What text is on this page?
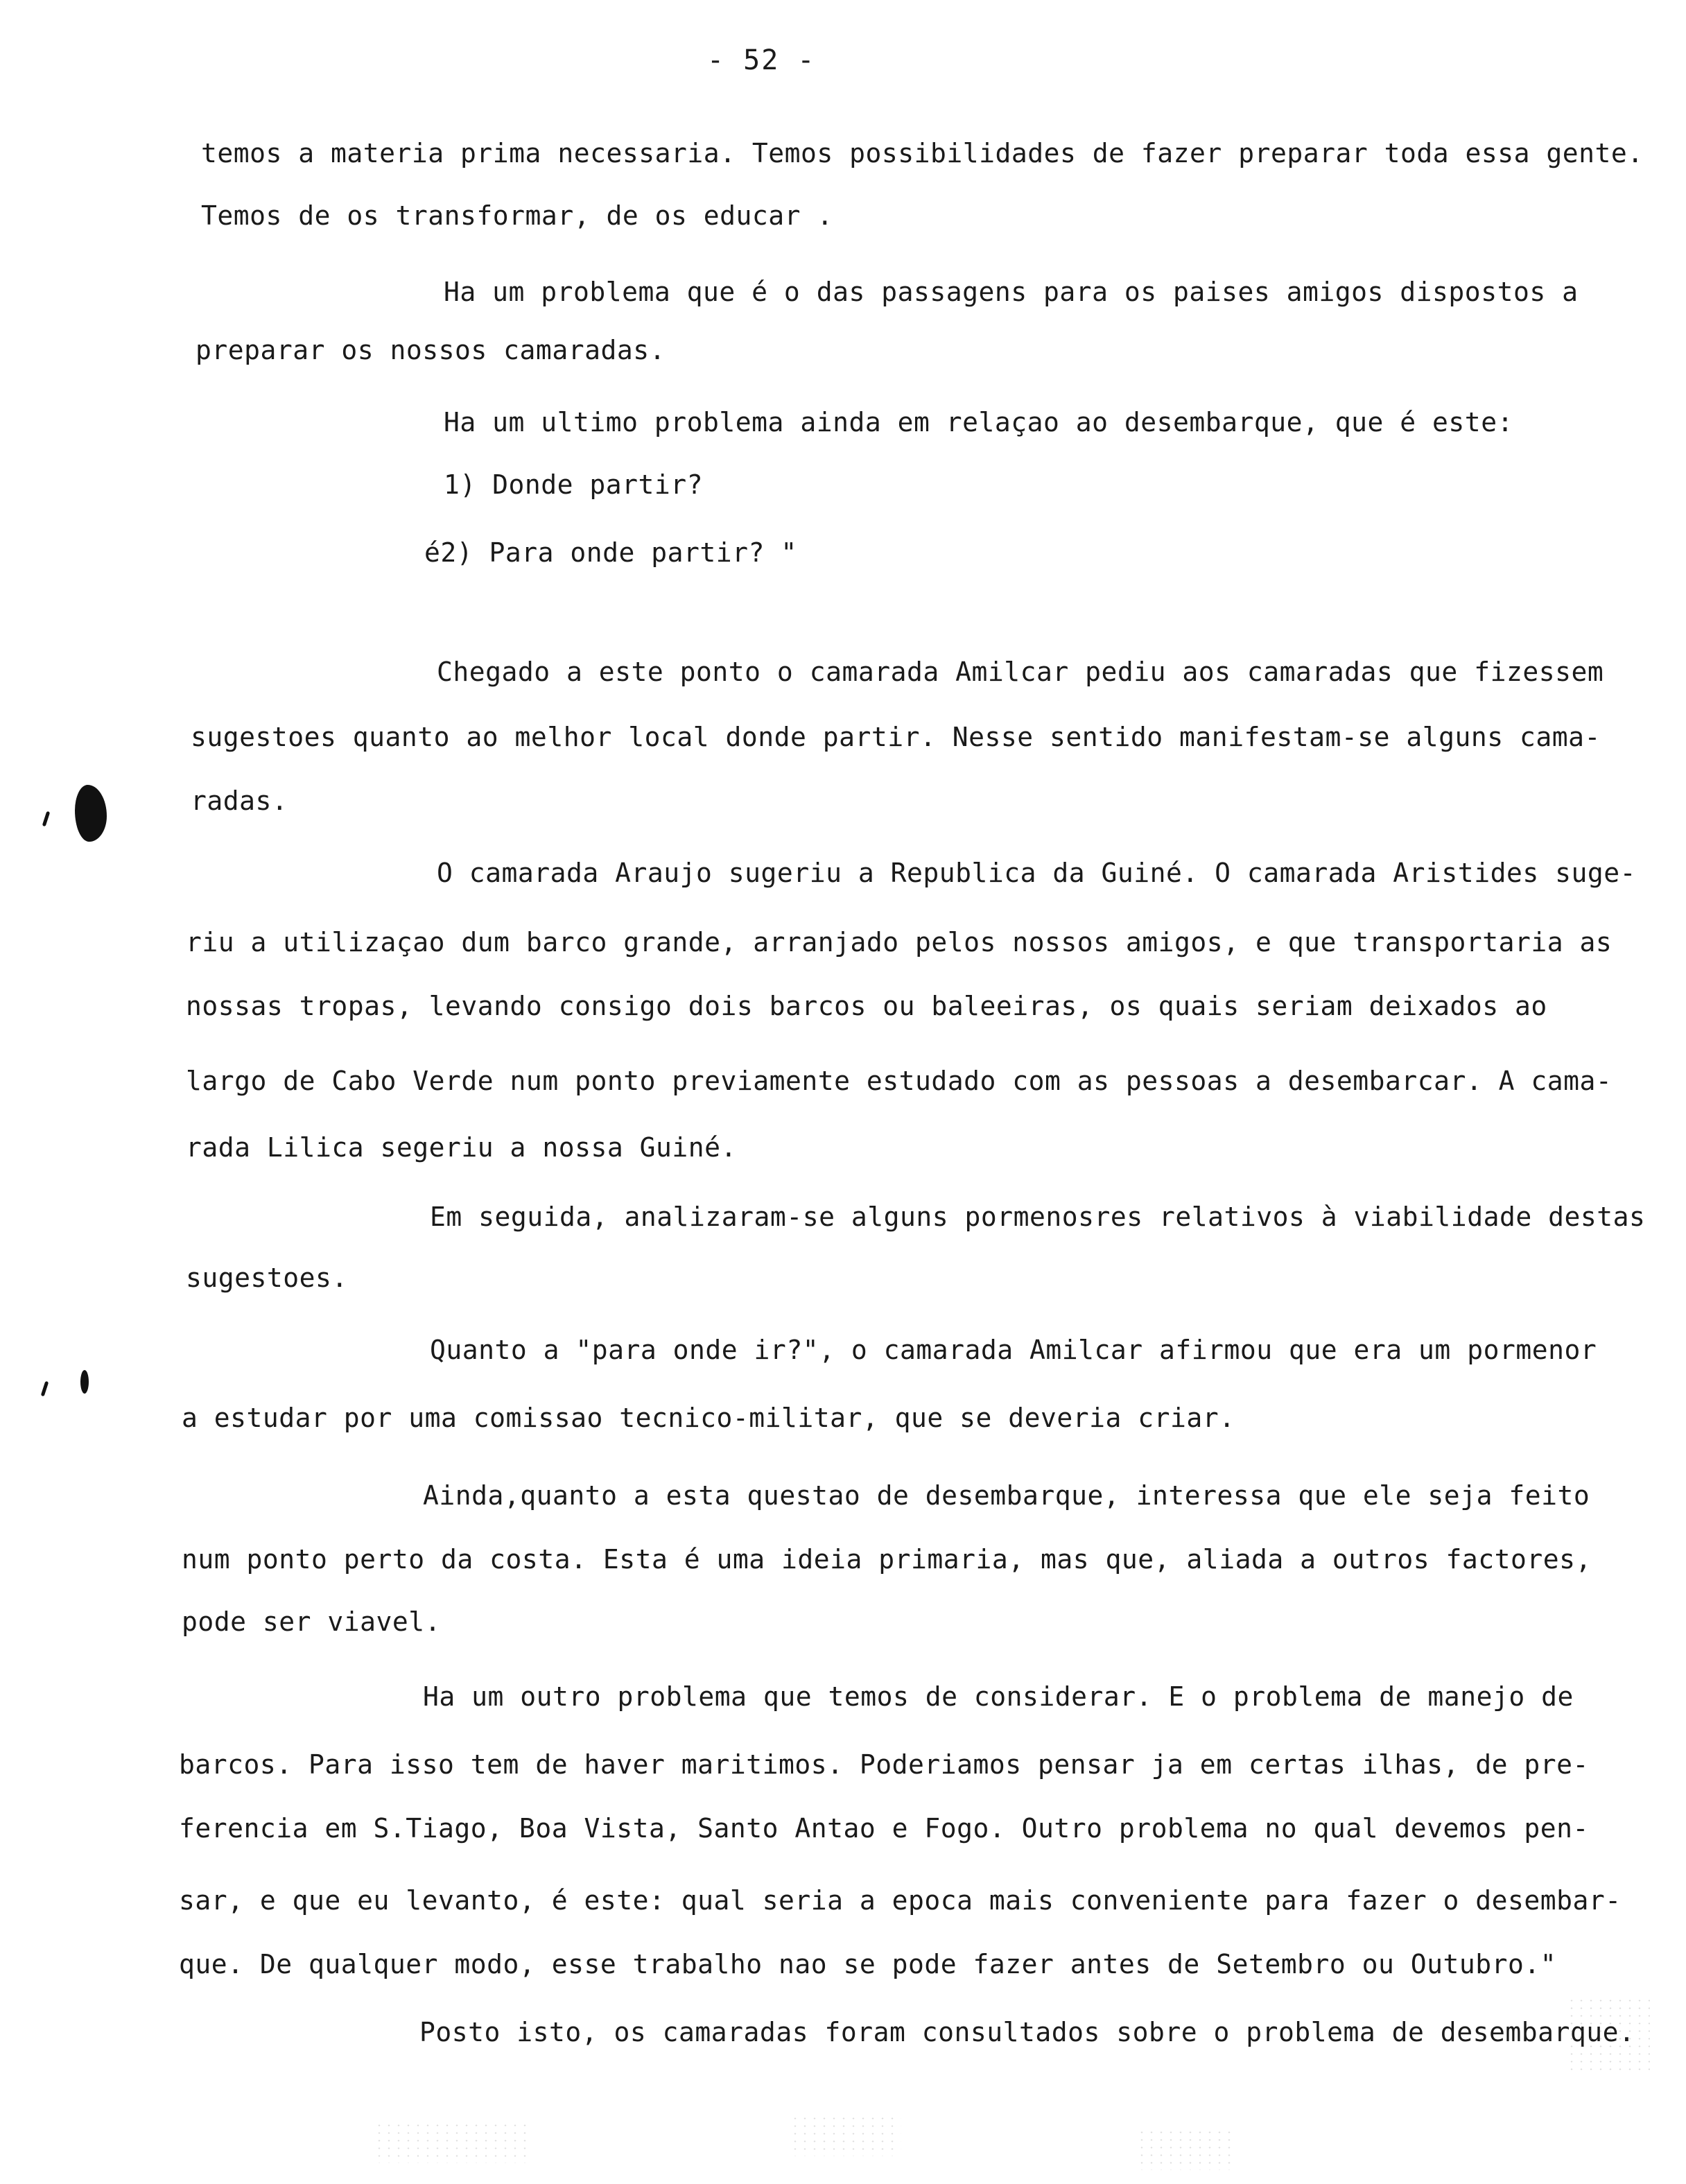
- 52 -
temos a materia prima necessaria. Temos possibilidades de fazer preparar toda essa gente.
Temos de os transformar, de os educar .
Ha um problema que é o das passagens para os paises amigos dispostos a
preparar os nossos camaradas.
Ha um ultimo problema ainda em relaçao ao desembarque, que é este:
1) Donde partir?
é2) Para onde partir? "
Chegado a este ponto o camarada Amilcar pediu aos camaradas que fizessem
sugestoes quanto ao melhor local donde partir. Nesse sentido manifestam-se alguns cama-
radas.
O camarada Araujo sugeriu a Republica da Guiné. O camarada Aristides suge-
riu a utilizaçao dum barco grande, arranjado pelos nossos amigos, e que transportaria as
nossas tropas, levando consigo dois barcos ou baleeiras, os quais seriam deixados ao
largo de Cabo Verde num ponto previamente estudado com as pessoas a desembarcar. A cama-
rada Lilica segeriu a nossa Guiné.
Em seguida, analizaram-se alguns pormenosres relativos à viabilidade destas
sugestoes.
Quanto a "para onde ir?", o camarada Amilcar afirmou que era um pormenor
a estudar por uma comissao tecnico-militar, que se deveria criar.
Ainda,quanto a esta questao de desembarque, interessa que ele seja feito
num ponto perto da costa. Esta é uma ideia primaria, mas que, aliada a outros factores,
pode ser viavel.
Ha um outro problema que temos de considerar. E o problema de manejo de
barcos. Para isso tem de haver maritimos. Poderiamos pensar ja em certas ilhas, de pre-
ferencia em S.Tiago, Boa Vista, Santo Antao e Fogo. Outro problema no qual devemos pen-
sar, e que eu levanto, é este: qual seria a epoca mais conveniente para fazer o desembar-
que. De qualquer modo, esse trabalho nao se pode fazer antes de Setembro ou Outubro."
Posto isto, os camaradas foram consultados sobre o problema de desembarque.
